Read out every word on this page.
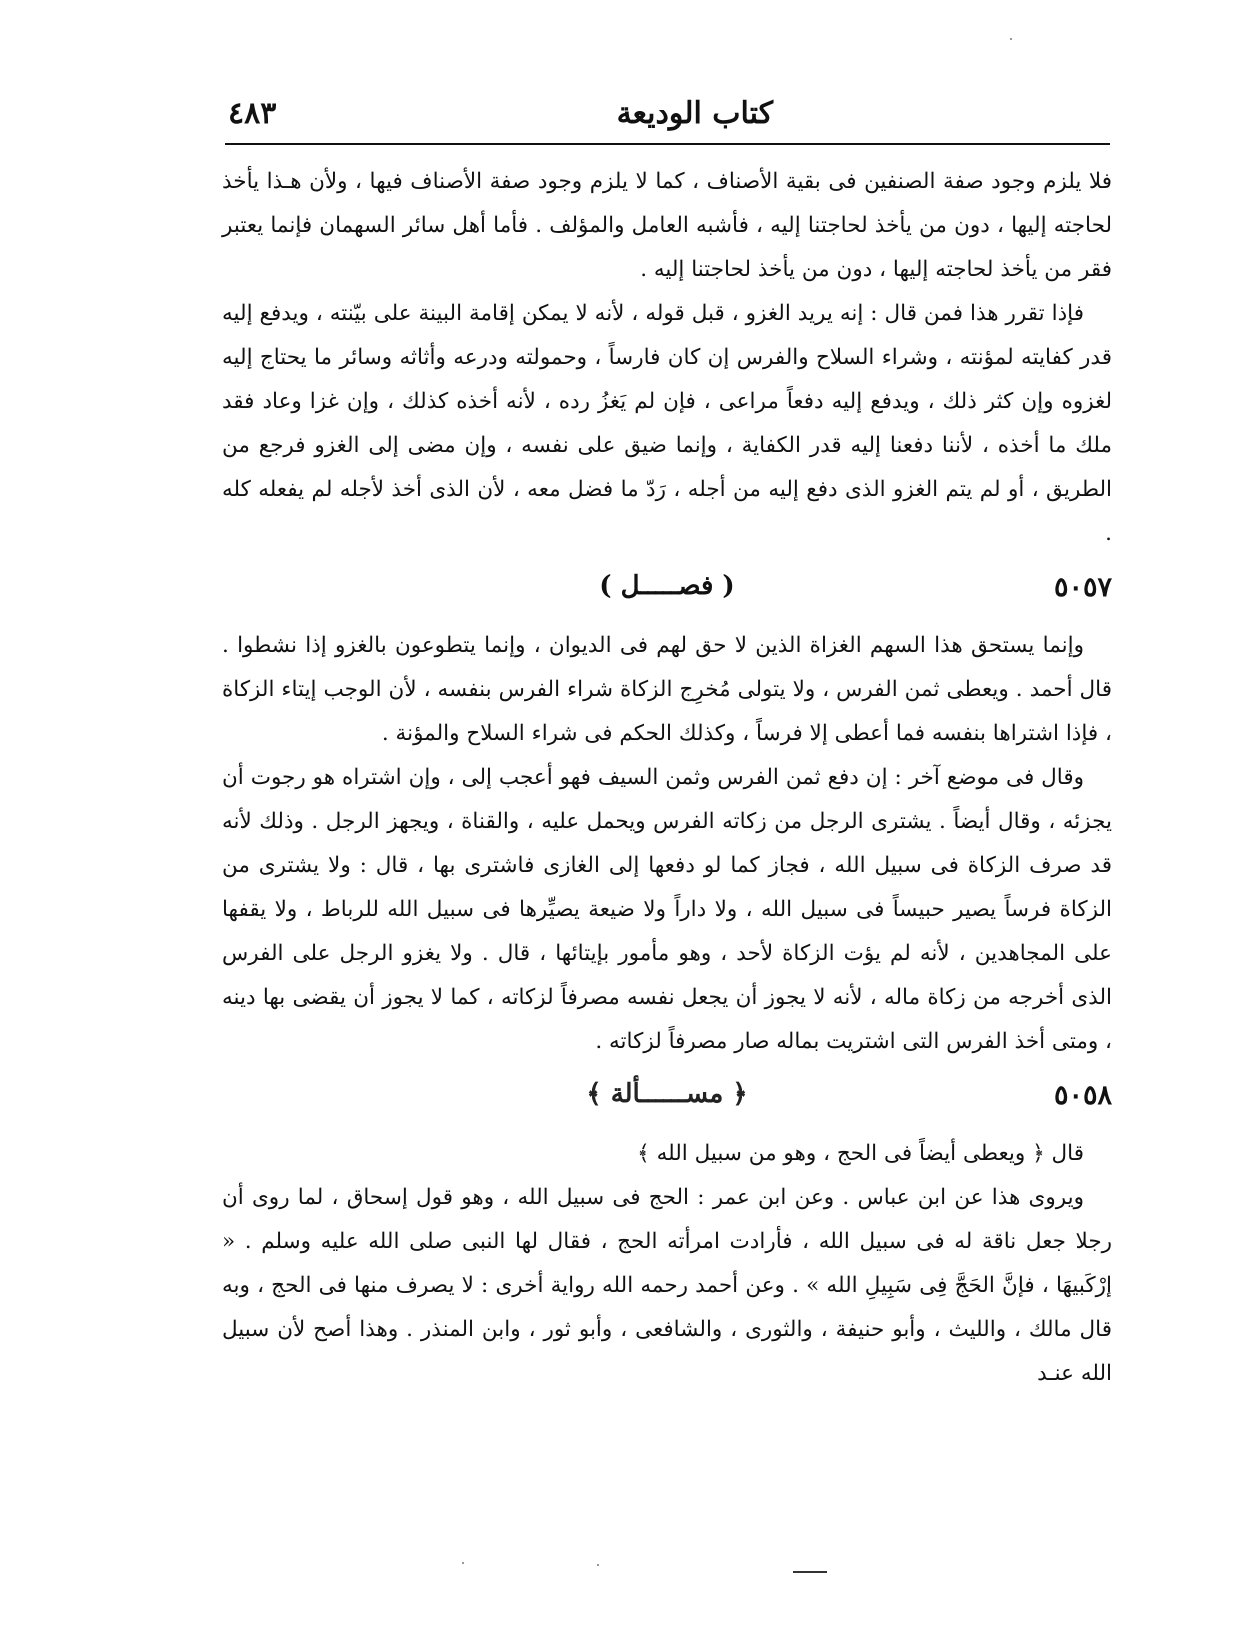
كتاب الوديعة
٤٨٣

فلا يلزم وجود صفة الصنفين فى بقية الأصناف ، كما لا يلزم وجود صفة الأصناف فيها ، ولأن هـذا يأخذ لحاجته إليها ، دون من يأخذ لحاجتنا إليه ، فأشبه العامل والمؤلف . فأما أهل سائر السهمان فإنما يعتبر فقر من يأخذ لحاجته إليها ، دون من يأخذ لحاجتنا إليه .

فإذا تقرر هذا فمن قال : إنه يريد الغزو ، قبل قوله ، لأنه لا يمكن إقامة البينة على بيّنته ، ويدفع إليه قدر كفايته لمؤنته ، وشراء السلاح والفرس إن كان فارساً ، وحمولته ودرعه وأثاثه وسائر ما يحتاج إليه لغزوه وإن كثر ذلك ، ويدفع إليه دفعاً مراعى ، فإن لم يَغزُ رده ، لأنه أخذه كذلك ، وإن غزا وعاد فقد ملك ما أخذه ، لأننا دفعنا إليه قدر الكفاية ، وإنما ضيق على نفسه ، وإن مضى إلى الغزو فرجع من الطريق ، أو لم يتم الغزو الذى دفع إليه من أجله ، رَدّ ما فضل معه ، لأن الذى أخذ لأجله لم يفعله كله .

٥٠٥٧
( فصـــــل )

وإنما يستحق هذا السهم الغزاة الذين لا حق لهم فى الديوان ، وإنما يتطوعون بالغزو إذا نشطوا . قال أحمد . ويعطى ثمن الفرس ، ولا يتولى مُخرِج الزكاة شراء الفرس بنفسه ، لأن الوجب إيتاء الزكاة ، فإذا اشتراها بنفسه فما أعطى إلا فرساً ، وكذلك الحكم فى شراء السلاح والمؤنة .

وقال فى موضع آخر : إن دفع ثمن الفرس وثمن السيف فهو أعجب إلى ، وإن اشتراه هو رجوت أن يجزئه ، وقال أيضاً . يشترى الرجل من زكاته الفرس ويحمل عليه ، والقناة ، ويجهز الرجل . وذلك لأنه قد صرف الزكاة فى سبيل الله ، فجاز كما لو دفعها إلى الغازى فاشترى بها ، قال : ولا يشترى من الزكاة فرساً يصير حبيساً فى سبيل الله ، ولا داراً ولا ضيعة يصيِّرها فى سبيل الله للرباط ، ولا يقفها على المجاهدين ، لأنه لم يؤت الزكاة لأحد ، وهو مأمور بإيتائها ، قال . ولا يغزو الرجل على الفرس الذى أخرجه من زكاة ماله ، لأنه لا يجوز أن يجعل نفسه مصرفاً لزكاته ، كما لا يجوز أن يقضى بها دينه ، ومتى أخذ الفرس التى اشتريت بماله صار مصرفاً لزكاته .

٥٠٥٨
﴿ مســــــألة ﴾

قال ﴿ ويعطى أيضاً فى الحج ، وهو من سبيل الله ﴾

ويروى هذا عن ابن عباس . وعن ابن عمر : الحج فى سبيل الله ، وهو قول إسحاق ، لما روى أن رجلا جعل ناقة له فى سبيل الله ، فأرادت امرأته الحج ، فقال لها النبى صلى الله عليه وسلم . « إرْكَبيهَا ، فإنَّ الحَجَّ فِى سَبِيلِ الله » . وعن أحمد رحمه الله رواية أخرى : لا يصرف منها فى الحج ، وبه قال مالك ، والليث ، وأبو حنيفة ، والثورى ، والشافعى ، وأبو ثور ، وابن المنذر . وهذا أصح لأن سبيل الله عنـد
